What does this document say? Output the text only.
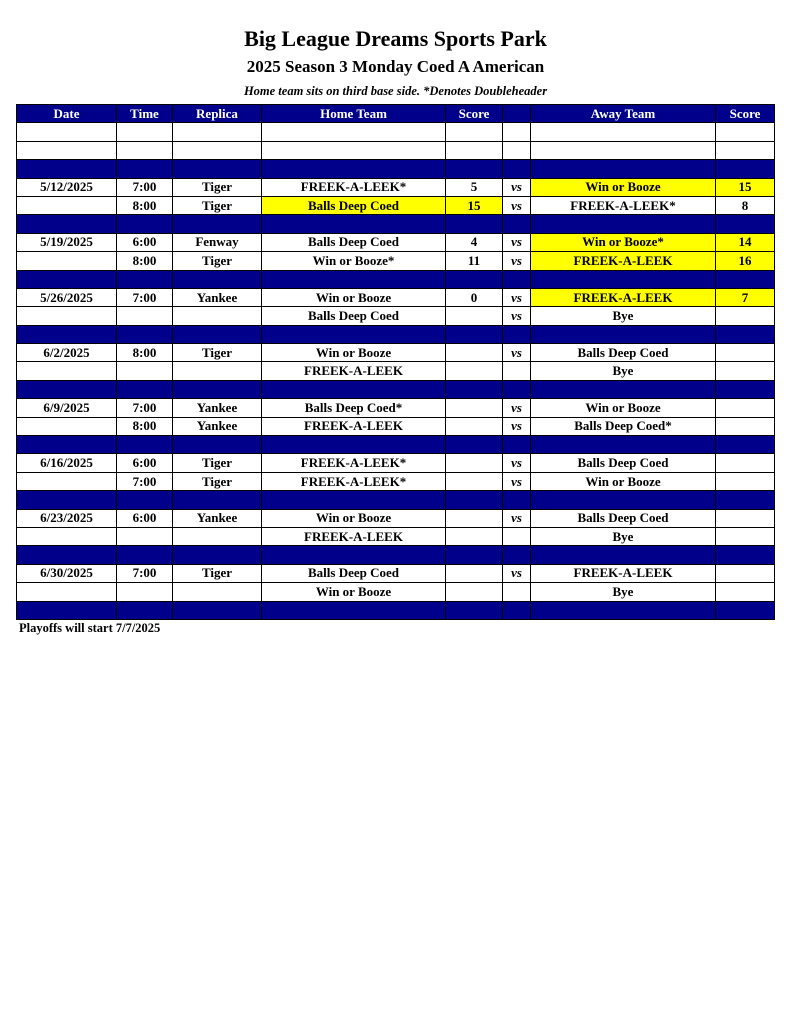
Big League Dreams Sports Park
2025 Season 3 Monday Coed A American
Home team sits on third base side. *Denotes Doubleheader
Date	Time	Replica	Home Team	Score		Away Team	Score

5/12/2025	7:00	Tiger	FREEK-A-LEEK*	5	vs	Win or Booze	15
	8:00	Tiger	Balls Deep Coed	15	vs	FREEK-A-LEEK*	8

5/19/2025	6:00	Fenway	Balls Deep Coed	4	vs	Win or Booze*	14
	8:00	Tiger	Win or Booze*	11	vs	FREEK-A-LEEK	16

5/26/2025	7:00	Yankee	Win or Booze	0	vs	FREEK-A-LEEK	7
			Balls Deep Coed		vs	Bye	

6/2/2025	8:00	Tiger	Win or Booze		vs	Balls Deep Coed	
			FREEK-A-LEEK			Bye	

6/9/2025	7:00	Yankee	Balls Deep Coed*		vs	Win or Booze	
	8:00	Yankee	FREEK-A-LEEK		vs	Balls Deep Coed*	

6/16/2025	6:00	Tiger	FREEK-A-LEEK*		vs	Balls Deep Coed	
	7:00	Tiger	FREEK-A-LEEK*		vs	Win or Booze	

6/23/2025	6:00	Yankee	Win or Booze		vs	Balls Deep Coed	
			FREEK-A-LEEK			Bye	

6/30/2025	7:00	Tiger	Balls Deep Coed		vs	FREEK-A-LEEK	
			Win or Booze			Bye	

Playoffs will start 7/7/2025
